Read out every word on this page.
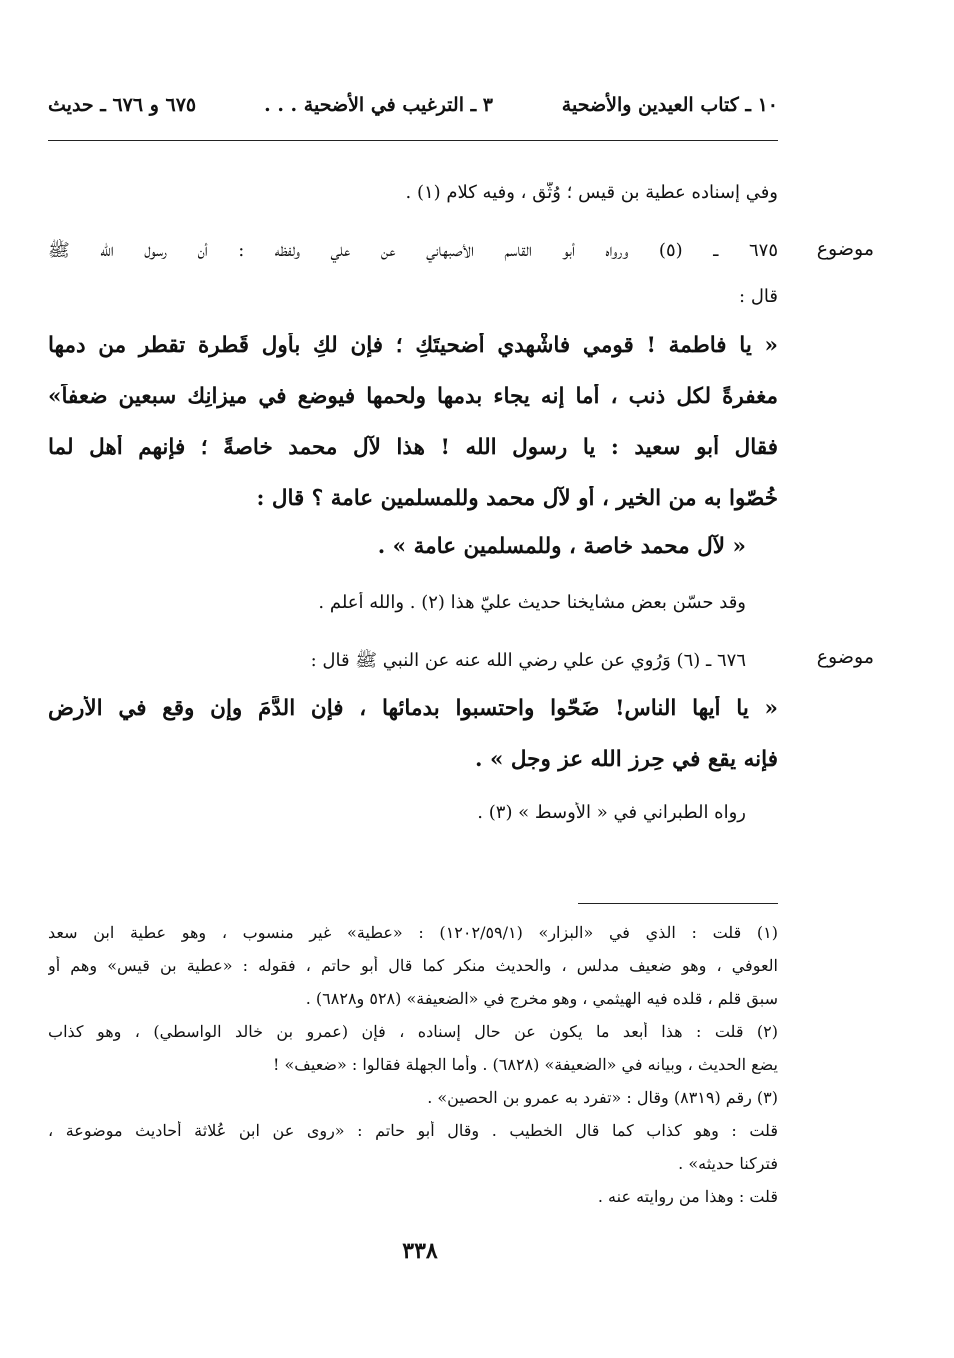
١٠ ـ كتاب العيدين والأضحية
٣ ـ الترغيب في الأضحية . . .
٦٧٥ و ٦٧٦ ـ حديث
وفي إسناده عطية بن قيس ؛ وُثّق ، وفيه كلام (١) .
موضوع
٦٧٥ ـ (٥) ورواه أبو القاسم الأصبهاني عن علي ولفظه : أن رسول الله ﷺ
قال :
« يا فاطمة ! قومي فاشْهدي أُضحيتَكِ ؛ فإن لكِ بأَول قَطرة تقطر من دمها
مغفرةً لكل ذنب ، أما إنه يجاء بدمها ولحمها فيوضع في ميزانِك سبعين ضعفاً»
فقال أبو سعيد : يا رسول الله ! هذا لآل محمد خاصةً ؛ فإنهم أهل لما
خُصّوا به من الخير ، أَو لآل محمد وللمسلمين عامة ؟ قال :
« لآل محمد خاصة ، وللمسلمين عامة » .
وقد حسّن بعض مشايخنا حديث عليّ هذا (٢) . والله أعلم .
موضوع
٦٧٦ ـ (٦) وَرُوي عن علي رضي الله عنه عن النبي ﷺ قال :
« يا أيها الناس! ضَحّوا واحتسبوا بدمائها ، فإن الدَّمَ وإن وقع في الأرض
فإنه يقع في حِرز الله عز وجل » .
رواه الطبراني في « الأوسط » (٣) .
(١) قلت : الذي في «البزار» (١٢٠٢/٥٩/١) : «عطية» غير منسوب ، وهو عطية ابن سعد
العوفي ، وهو ضعيف مدلس ، والحديث منكر كما قال أبو حاتم ، فقوله : «عطية بن قيس» وهم أو
سبق قلم ، قلده فيه الهيثمي ، وهو مخرج في «الضعيفة» (٥٢٨ و٦٨٢٨) .
(٢) قلت : هذا أبعد ما يكون عن حال إسناده ، فإن (عمرو بن خالد الواسطي) ، وهو كذاب
يضع الحديث ، وبيانه في «الضعيفة» (٦٨٢٨) . وأما الجهلة فقالوا : «ضعيف» !
(٣) رقم (٨٣١٩) وقال : «تفرد به عمرو بن الحصين» .
قلت : وهو كذاب كما قال الخطيب . وقال أبو حاتم : «روى عن ابن عُلاثة أحاديث موضوعة ،
فتركنا حديثه» .
قلت : وهذا من روايته عنه .
٣٣٨
